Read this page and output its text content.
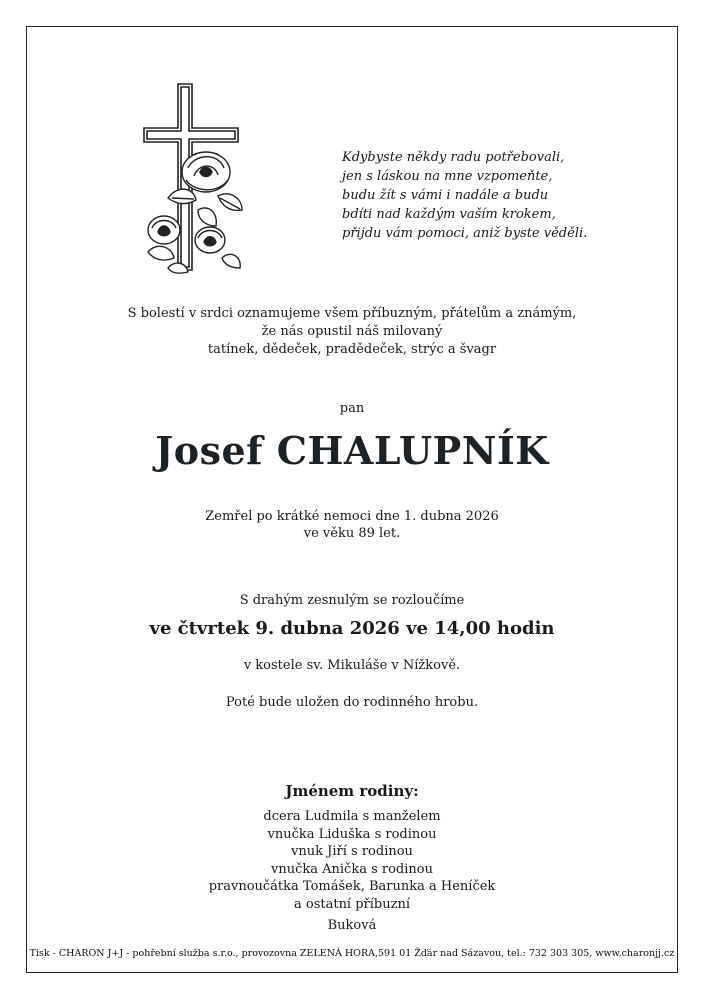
Kdybyste někdy radu potřebovali,
jen s láskou na mne vzpomeňte,
budu žít s vámi i nadále a budu
bdíti nad každým vaším krokem,
přijdu vám pomoci, aniž byste věděli.
S bolestí v srdci oznamujeme všem příbuzným, přátelům a známým,
že nás opustil náš milovaný
tatínek, dědeček, pradědeček, strýc a švagr
pan
Josef CHALUPNÍK
Zemřel po krátké nemoci dne 1. dubna 2026
ve věku 89 let.
S drahým zesnulým se rozloučíme
ve čtvrtek 9. dubna 2026 ve 14,00 hodin
v kostele sv. Mikuláše v Nížkově.
Poté bude uložen do rodinného hrobu.
Jménem rodiny:
dcera Ludmila s manželem
vnučka Liduška s rodinou
vnuk Jiří s rodinou
vnučka Anička s rodinou
pravnoučátka Tomášek, Barunka a Heníček
a ostatní příbuzní
Buková
Tisk - CHARON J+J - pohřební služba s.r.o., provozovna ZELENÁ HORA,591 01 Žďár nad Sázavou, tel.: 732 303 305, www.charonjj.cz
